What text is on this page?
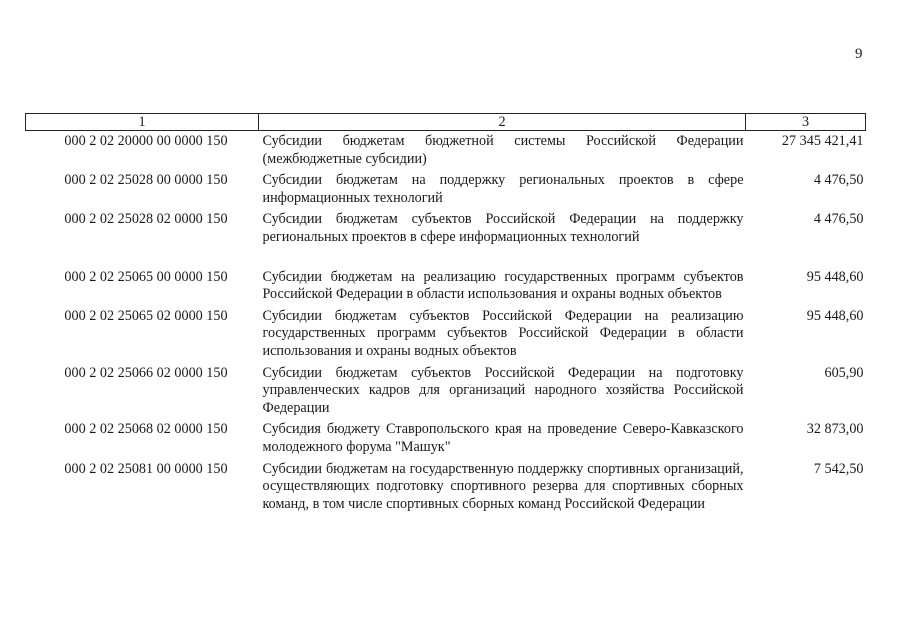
9
1	2	3
000 2 02 20000 00 0000 150	Субсидии бюджетам бюджетной системы Российской Федерации (межбюджетные субсидии)	27 345 421,41
000 2 02 25028 00 0000 150	Субсидии бюджетам на поддержку региональных проектов в сфере информационных технологий	4 476,50
000 2 02 25028 02 0000 150	Субсидии бюджетам субъектов Российской Федерации на поддержку региональных проектов в сфере информационных технологий	4 476,50
000 2 02 25065 00 0000 150	Субсидии бюджетам на реализацию государственных программ субъектов Российской Федерации в области использования и охраны водных объектов	95 448,60
000 2 02 25065 02 0000 150	Субсидии бюджетам субъектов Российской Федерации на реализацию государственных программ субъектов Российской Федерации в области использования и охраны водных объектов	95 448,60
000 2 02 25066 02 0000 150	Субсидии бюджетам субъектов Российской Федерации на подготовку управленческих кадров для организаций народного хозяйства Российской Федерации	605,90
000 2 02 25068 02 0000 150	Субсидия бюджету Ставропольского края на проведение Северо-Кавказского молодежного форума "Машук"	32 873,00
000 2 02 25081 00 0000 150	Субсидии бюджетам на государственную поддержку спортивных организаций, осуществляющих подготовку спортивного резерва для спортивных сборных команд, в том числе спортивных сборных команд Российской Федерации	7 542,50
